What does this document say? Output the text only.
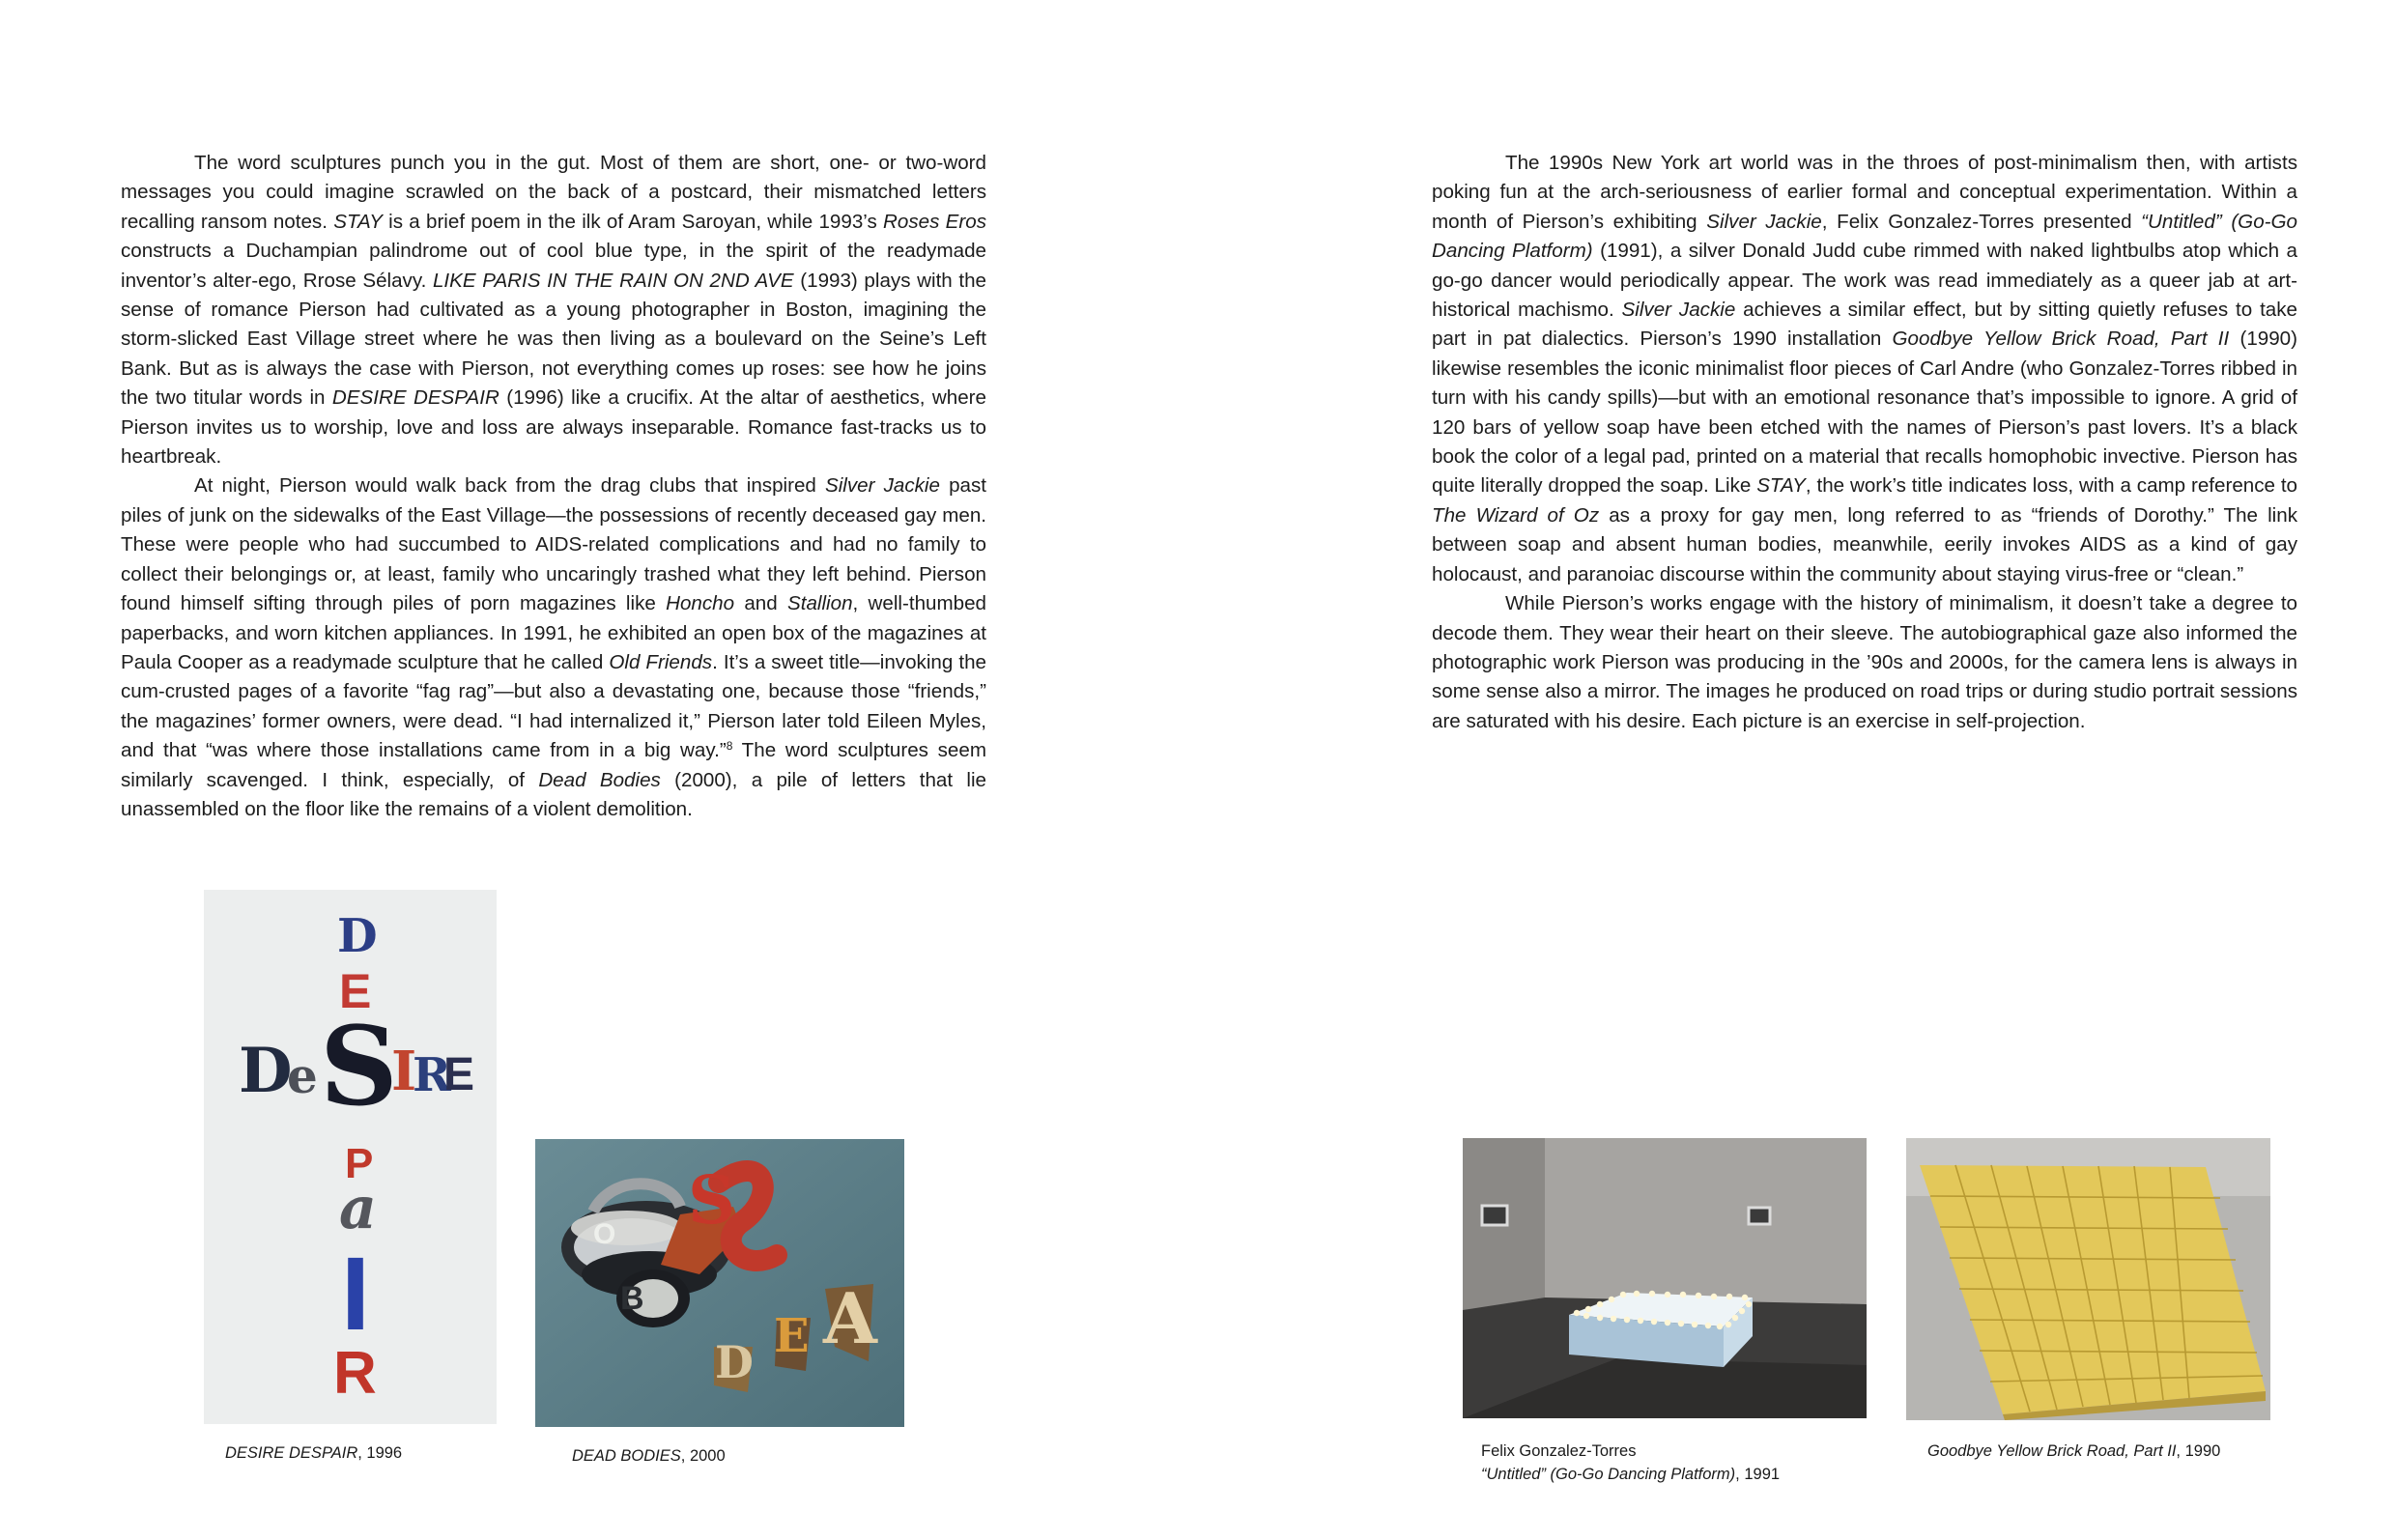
The word sculptures punch you in the gut. Most of them are short, one- or two-word messages you could imagine scrawled on the back of a postcard, their mismatched letters recalling ransom notes. STAY is a brief poem in the ilk of Aram Saroyan, while 1993’s Roses Eros constructs a Duchampian palindrome out of cool blue type, in the spirit of the readymade inventor’s alter-ego, Rrose Sélavy. LIKE PARIS IN THE RAIN ON 2ND AVE (1993) plays with the sense of romance Pierson had cultivated as a young photographer in Boston, imagining the storm-slicked East Village street where he was then living as a boulevard on the Seine’s Left Bank. But as is always the case with Pierson, not everything comes up roses: see how he joins the two titular words in DESIRE DESPAIR (1996) like a crucifix. At the altar of aesthetics, where Pierson invites us to worship, love and loss are always inseparable. Romance fast-tracks us to heartbreak.

At night, Pierson would walk back from the drag clubs that inspired Silver Jackie past piles of junk on the sidewalks of the East Village—the possessions of recently deceased gay men. These were people who had succumbed to AIDS-related complications and had no family to collect their belongings or, at least, family who uncaringly trashed what they left behind. Pierson found himself sifting through piles of porn magazines like Honcho and Stallion, well-thumbed paperbacks, and worn kitchen appliances. In 1991, he exhibited an open box of the magazines at Paula Cooper as a readymade sculpture that he called Old Friends. It’s a sweet title—invoking the cum-crusted pages of a favorite “fag rag”—but also a devastating one, because those “friends,” the magazines’ former owners, were dead. “I had internalized it,” Pierson later told Eileen Myles, and that “was where those installations came from in a big way.”$^8$ The word sculptures seem similarly scavenged. I think, especially, of Dead Bodies (2000), a pile of letters that lie unassembled on the floor like the remains of a violent demolition.

The 1990s New York art world was in the throes of post-minimalism then, with artists poking fun at the arch-seriousness of earlier formal and conceptual experimentation. Within a month of Pierson’s exhibiting Silver Jackie, Felix Gonzalez-Torres presented “Untitled” (Go-Go Dancing Platform) (1991), a silver Donald Judd cube rimmed with naked lightbulbs atop which a go-go dancer would periodically appear. The work was read immediately as a queer jab at art-historical machismo. Silver Jackie achieves a similar effect, but by sitting quietly refuses to take part in pat dialectics. Pierson’s 1990 installation Goodbye Yellow Brick Road, Part II (1990) likewise resembles the iconic minimalist floor pieces of Carl Andre (who Gonzalez-Torres ribbed in turn with his candy spills)—but with an emotional resonance that’s impossible to ignore. A grid of 120 bars of yellow soap have been etched with the names of Pierson’s past lovers. It’s a black book the color of a legal pad, printed on a material that recalls homophobic invective. Pierson has quite literally dropped the soap. Like STAY, the work’s title indicates loss, with a camp reference to The Wizard of Oz as a proxy for gay men, long referred to as “friends of Dorothy.” The link between soap and absent human bodies, meanwhile, eerily invokes AIDS as a kind of gay holocaust, and paranoiac discourse within the community about staying virus-free or “clean.”

While Pierson’s works engage with the history of minimalism, it doesn’t take a degree to decode them. They wear their heart on their sleeve. The autobiographical gaze also informed the photographic work Pierson was producing in the ’90s and 2000s, for the camera lens is always in some sense also a mirror. The images he produced on road trips or during studio portrait sessions are saturated with his desire. Each picture is an exercise in self-projection.

D
E
D
e S
I
R
E
P
a
I
R
DESIRE DESPAIR, 1996
S
B
O
D E A
DEAD BODIES, 2000	Felix Gonzalez-Torres
“Untitled” (Go-Go Dancing Platform), 1991
Goodbye Yellow Brick Road, Part II, 1990
